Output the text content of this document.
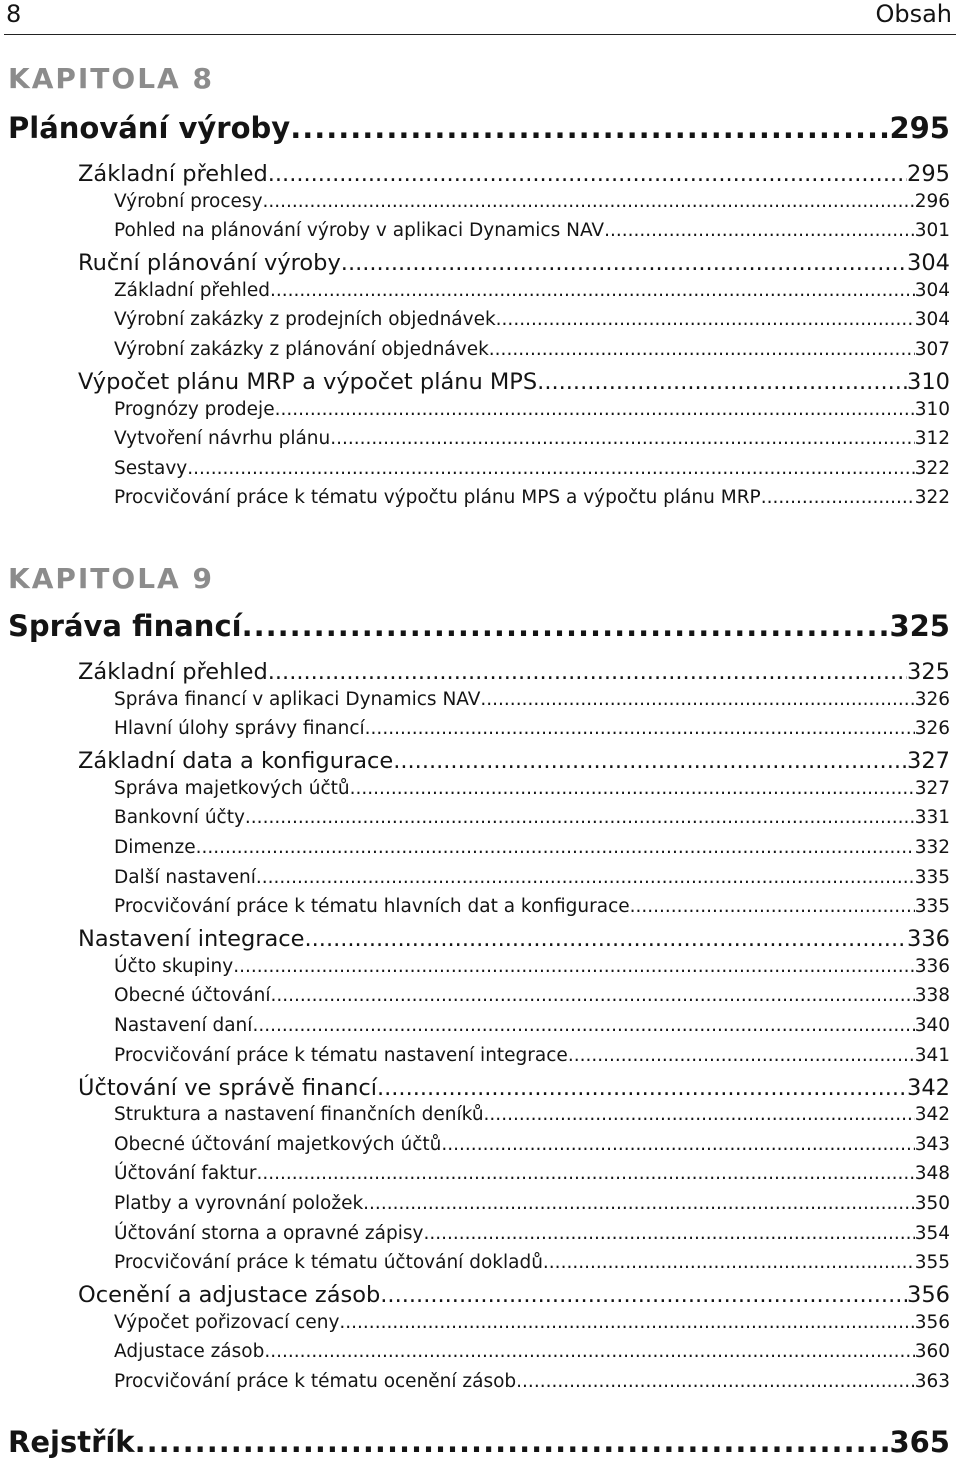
8	Obsah
KAPITOLA 8
Plánování výroby .....	295
Základní přehled .....	295
Výrobní procesy .....	296
Pohled na plánování výroby v aplikaci Dynamics NAV .....	301
Ruční plánování výroby .....	304
Základní přehled .....	304
Výrobní zakázky z prodejních objednávek .....	304
Výrobní zakázky z plánování objednávek .....	307
Výpočet plánu MRP a výpočet plánu MPS .....	310
Prognózy prodeje .....	310
Vytvoření návrhu plánu .....	312
Sestavy .....	322
Procvičování práce k tématu výpočtu plánu MPS a výpočtu plánu MRP .....	322
KAPITOLA 9
Správa financí .....	325
Základní přehled .....	325
Správa financí v aplikaci Dynamics NAV .....	326
Hlavní úlohy správy financí .....	326
Základní data a konfigurace .....	327
Správa majetkových účtů .....	327
Bankovní účty .....	331
Dimenze .....	332
Další nastavení .....	335
Procvičování práce k tématu hlavních dat a konfigurace .....	335
Nastavení integrace .....	336
Účto skupiny .....	336
Obecné účtování .....	338
Nastavení daní .....	340
Procvičování práce k tématu nastavení integrace .....	341
Účtování ve správě financí .....	342
Struktura a nastavení finančních deníků .....	342
Obecné účtování majetkových účtů .....	343
Účtování faktur .....	348
Platby a vyrovnání položek .....	350
Účtování storna a opravné zápisy .....	354
Procvičování práce k tématu účtování dokladů .....	355
Ocenění a adjustace zásob .....	356
Výpočet pořizovací ceny .....	356
Adjustace zásob .....	360
Procvičování práce k tématu ocenění zásob .....	363
Rejstřík .....	365
